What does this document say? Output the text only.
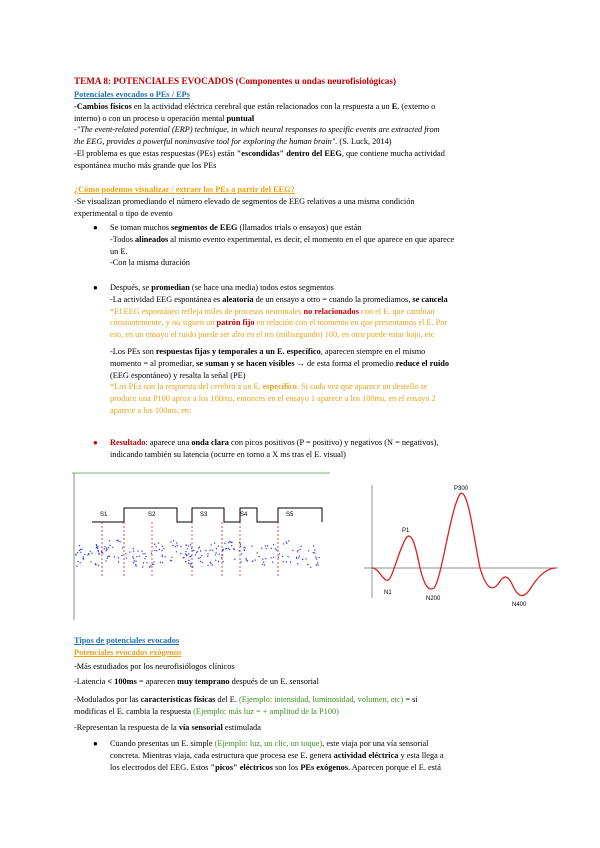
TEMA 8: POTENCIALES EVOCADOS (Componentes u ondas neurofisiológicas)

Potenciales evocados o PEs / EPs

-Cambios físicos en la actividad eléctrica cerebral que están relacionados con la respuesta a un E. (externo o

interno) o con un proceso u operación mental puntual

-"The event-related potential (ERP) technique, in which neural responses to specific events are extracted from

the EEG, provides a powerful noninvasive tool for exploring the human brain". (S. Luck, 2014)

-El problema es que estas respuestas (PEs) están "escondidas" dentro del EEG, que contiene mucha actividad

espontánea mucho más grande que los PEs

¿Cómo podemos visualizar / extraer los PEs a partir del EEG?

-Se visualizan promediando el número elevado de segmentos de EEG relativos a una misma condición

experimental o tipo de evento

● Se toman muchos segmentos de EEG (llamados trials o ensayos) que están

-Todos alineados al mismo evento experimental, es decir, el momento en el que aparece en que aparece

un E.

-Con la misma duración

● Después, se promedian (se hace una media) todos estos segmentos

-La actividad EEG espontánea es aleatoria de un ensayo a otro = cuando la promediamos, se cancela

*El EEG espontáneo refleja miles de procesos neuronales no relacionados con el E. que cambian

constantemente, y no siguen un patrón fijo en relación con el momento en que presentamos el E. Por

eso, en un ensayo el ruido puede ser alto en el ms (milisegundo) 100, en otro puede estar bajo, etc

-Los PEs son respuestas fijas y temporales a un E. específico, aparecen siempre en el mismo

momento = al promediar, se suman y se hacen visibles → de esta forma el promedio reduce el ruido

(EEG espontáneo) y resalta la señal (PE)

*Los PEs son la respuesta del cerebro a un E. específico. Si cada vez que aparece un destello se

produce una P100 aprox a los 100ms, entonces en el ensayo 1 aparece a los 100ms, en el ensayo 2

aparece a los 100ms, etc

● Resultado: aparece una onda clara con picos positivos (P = positivo) y negativos (N = negativos),

indicando también su latencia (ocurre en torno a X ms tras el E. visual)

S1	S2	S3	S4	S5
P1
N1
N200
P300
N400

Tipos de potenciales evocados

Potenciales evocados exógenos

-Más estudiados por los neurofisiólogos clínicos

-Latencia < 100ms = aparecen muy temprano después de un E. sensorial

-Modulados por las características físicas del E. (Ejemplo: intensidad, luminosidad, volumen, etc) = si

modificas el E. cambia la respuesta (Ejemplo: más luz = + amplitud de la P100)

-Representan la respuesta de la vía sensorial estimulada

● Cuando presentas un E. simple (Ejemplo: luz, un clic, un toque), este viaja por una vía sensorial

concreta. Mientras viaja, cada estructura que procesa ese E. genera actividad eléctrica y esta llega a

los electrodos del EEG. Estos "picos" eléctricos son los PEs exógenos. Aparecen porque el E. está
